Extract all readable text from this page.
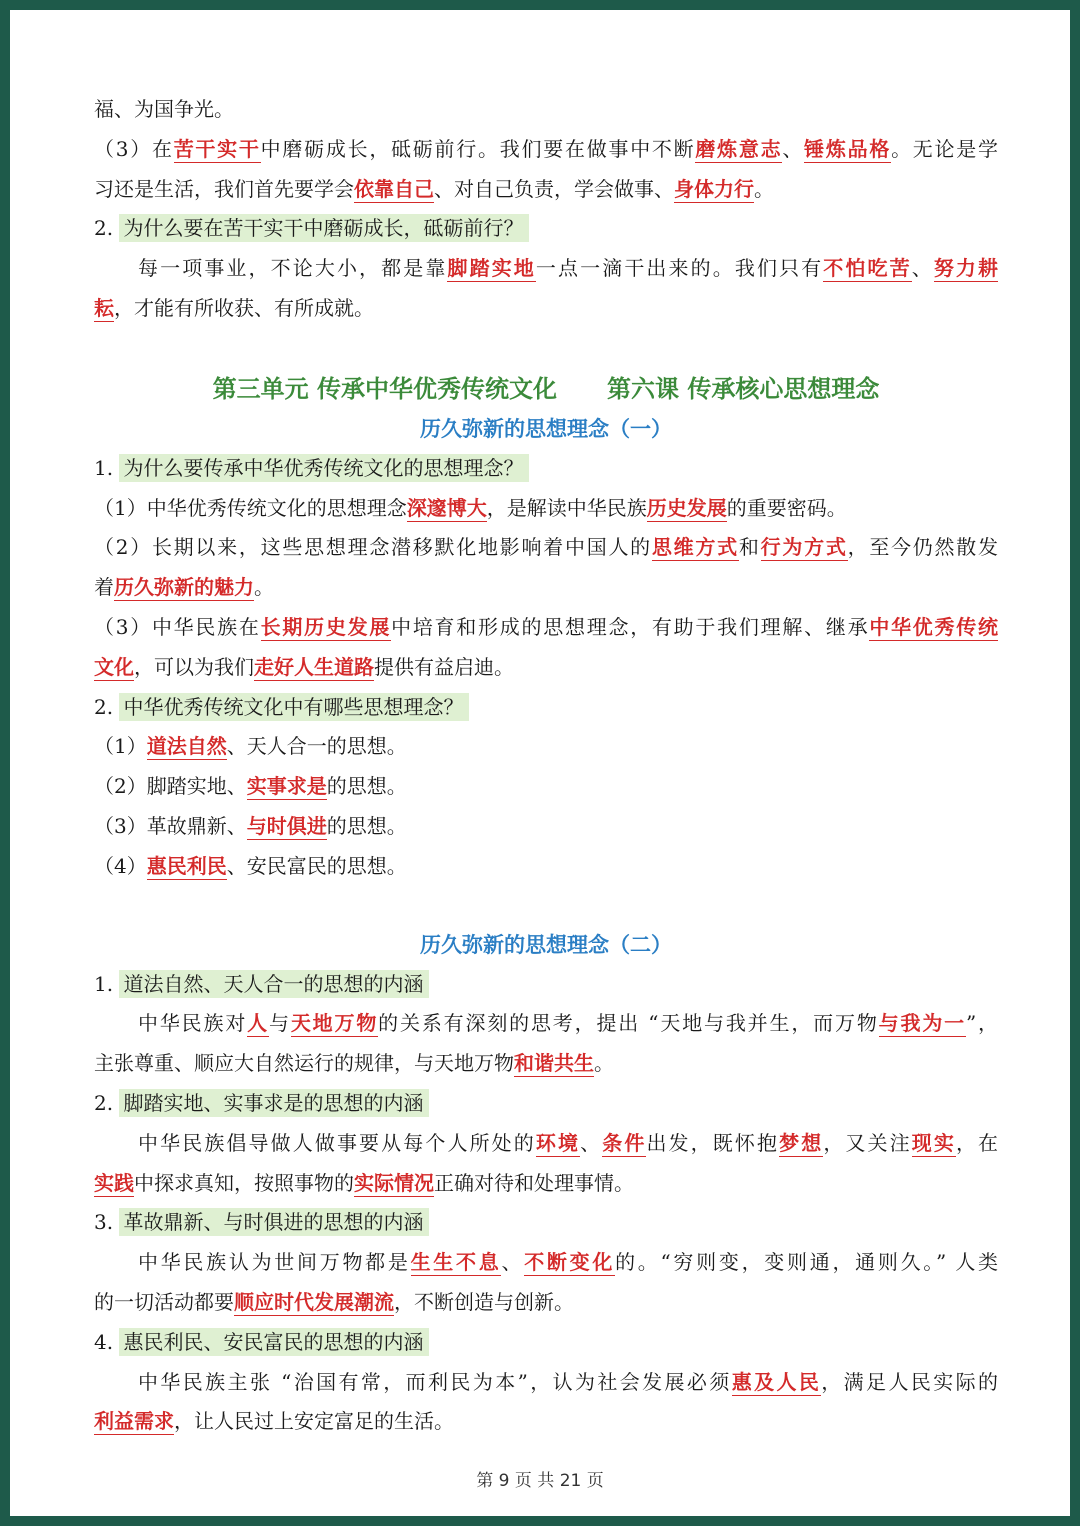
福、为国争光。
（3）在苦干实干中磨砺成长，砥砺前行。我们要在做事中不断磨炼意志、锤炼品格。无论是学
习还是生活，我们首先要学会依靠自己、对自己负责，学会做事、身体力行。
2. 为什么要在苦干实干中磨砺成长，砥砺前行？
每一项事业，不论大小，都是靠脚踏实地一点一滴干出来的。我们只有不怕吃苦、努力耕
耘，才能有所收获、有所成就。
第三单元 传承中华优秀传统文化 第六课 传承核心思想理念
历久弥新的思想理念（一）
1. 为什么要传承中华优秀传统文化的思想理念？
（1）中华优秀传统文化的思想理念深邃博大，是解读中华民族历史发展的重要密码。
（2）长期以来，这些思想理念潜移默化地影响着中国人的思维方式和行为方式，至今仍然散发
着历久弥新的魅力。
（3）中华民族在长期历史发展中培育和形成的思想理念，有助于我们理解、继承中华优秀传统
文化，可以为我们走好人生道路提供有益启迪。
2. 中华优秀传统文化中有哪些思想理念？
（1）道法自然、天人合一的思想。
（2）脚踏实地、实事求是的思想。
（3）革故鼎新、与时俱进的思想。
（4）惠民利民、安民富民的思想。
历久弥新的思想理念（二）
1. 道法自然、天人合一的思想的内涵
中华民族对人与天地万物的关系有深刻的思考，提出 “天地与我并生，而万物与我为一”，
主张尊重、顺应大自然运行的规律，与天地万物和谐共生。
2. 脚踏实地、实事求是的思想的内涵
中华民族倡导做人做事要从每个人所处的环境、条件出发，既怀抱梦想，又关注现实，在
实践中探求真知，按照事物的实际情况正确对待和处理事情。
3. 革故鼎新、与时俱进的思想的内涵
中华民族认为世间万物都是生生不息、不断变化的。“穷则变，变则通，通则久。” 人类
的一切活动都要顺应时代发展潮流，不断创造与创新。
4. 惠民利民、安民富民的思想的内涵
中华民族主张 “治国有常，而利民为本”，认为社会发展必须惠及人民，满足人民实际的
利益需求，让人民过上安定富足的生活。
第 9 页 共 21 页
